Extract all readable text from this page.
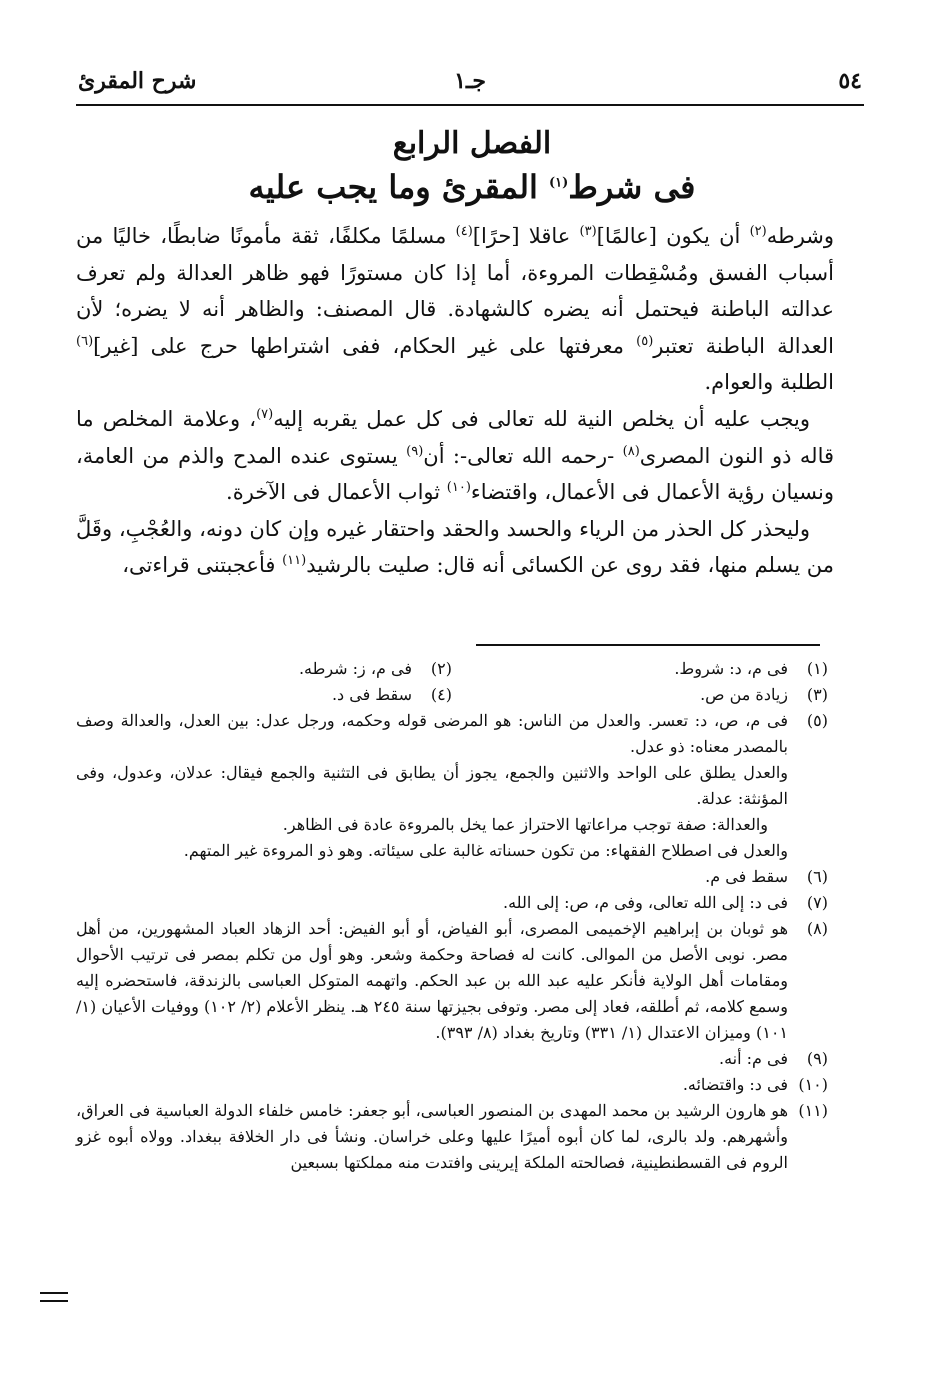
٥٤
جـ١
شرح المقرئ
الفصل الرابع
فى شرط$^{(١)}$ المقرئ وما يجب عليه

وشرطه$^{(٢)}$ أن يكون [عالمًا]$^{(٣)}$ عاقلا [حرًا]$^{(٤)}$ مسلمًا مكلفًا، ثقة مأمونًا ضابطًا، خاليًا من أسباب الفسق ومُسْقِطات المروءة، أما إذا كان مستورًا فهو ظاهر العدالة ولم تعرف عدالته الباطنة فيحتمل أنه يضره كالشهادة. قال المصنف: والظاهر أنه لا يضره؛ لأن العدالة الباطنة تعتبر$^{(٥)}$ معرفتها على غير الحكام، ففى اشتراطها حرج على [غير]$^{(٦)}$ الطلبة والعوام.

ويجب عليه أن يخلص النية لله تعالى فى كل عمل يقربه إليه$^{(٧)}$، وعلامة المخلص ما قاله ذو النون المصرى$^{(٨)}$ -رحمه الله تعالى-: أن$^{(٩)}$ يستوى عنده المدح والذم من العامة، ونسيان رؤية الأعمال فى الأعمال، واقتضاء$^{(١٠)}$ ثواب الأعمال فى الآخرة.

وليحذر كل الحذر من الرياء والحسد والحقد واحتقار غيره وإن كان دونه، والعُجْبِ، وقَلَّ من يسلم منها، فقد روى عن الكسائى أنه قال: صليت بالرشيد$^{(١١)}$ فأعجبتنى قراءتى،

(١)
فى م، د: شروط.
(٢)
فى م، ز: شرطه.
(٣)
زيادة من ص.
(٤)
سقط فى د.
(٥)
فى م، ص، د: تعسر. والعدل من الناس: هو المرضى قوله وحكمه، ورجل عدل: بين العدل، والعدالة وصف بالمصدر معناه: ذو عدل.
والعدل يطلق على الواحد والاثنين والجمع، يجوز أن يطابق فى التثنية والجمع فيقال: عدلان، وعدول، وفى المؤنثة: عدلة.
والعدالة: صفة توجب مراعاتها الاحتراز عما يخل بالمروءة عادة فى الظاهر.
والعدل فى اصطلاح الفقهاء: من تكون حسناته غالبة على سيئاته. وهو ذو المروءة غير المتهم.
(٦)
سقط فى م.
(٧)
فى د: إلى الله تعالى، وفى م، ص: إلى الله.
(٨)
هو ثوبان بن إبراهيم الإخميمى المصرى، أبو الفياض، أو أبو الفيض: أحد الزهاد العباد المشهورين، من أهل مصر. نوبى الأصل من الموالى. كانت له فصاحة وحكمة وشعر. وهو أول من تكلم بمصر فى ترتيب الأحوال ومقامات أهل الولاية فأنكر عليه عبد الله بن عبد الحكم. واتهمه المتوكل العباسى بالزندقة، فاستحضره إليه وسمع كلامه، ثم أطلقه، فعاد إلى مصر. وتوفى بجيزتها سنة ٢٤٥ هـ. ينظر الأعلام (٢/ ١٠٢) ووفيات الأعيان (١/ ١٠١) وميزان الاعتدال (١/ ٣٣١) وتاريخ بغداد (٨/ ٣٩٣).
(٩)
فى م: أنه.
(١٠)
فى د: واقتضائه.
(١١)
هو هارون الرشيد بن محمد المهدى بن المنصور العباسى، أبو جعفر: خامس خلفاء الدولة العباسية فى العراق، وأشهرهم. ولد بالرى، لما كان أبوه أميرًا عليها وعلى خراسان. ونشأ فى دار الخلافة ببغداد. وولاه أبوه غزو الروم فى القسطنطينية، فصالحته الملكة إيرينى وافتدت منه مملكتها بسبعين
